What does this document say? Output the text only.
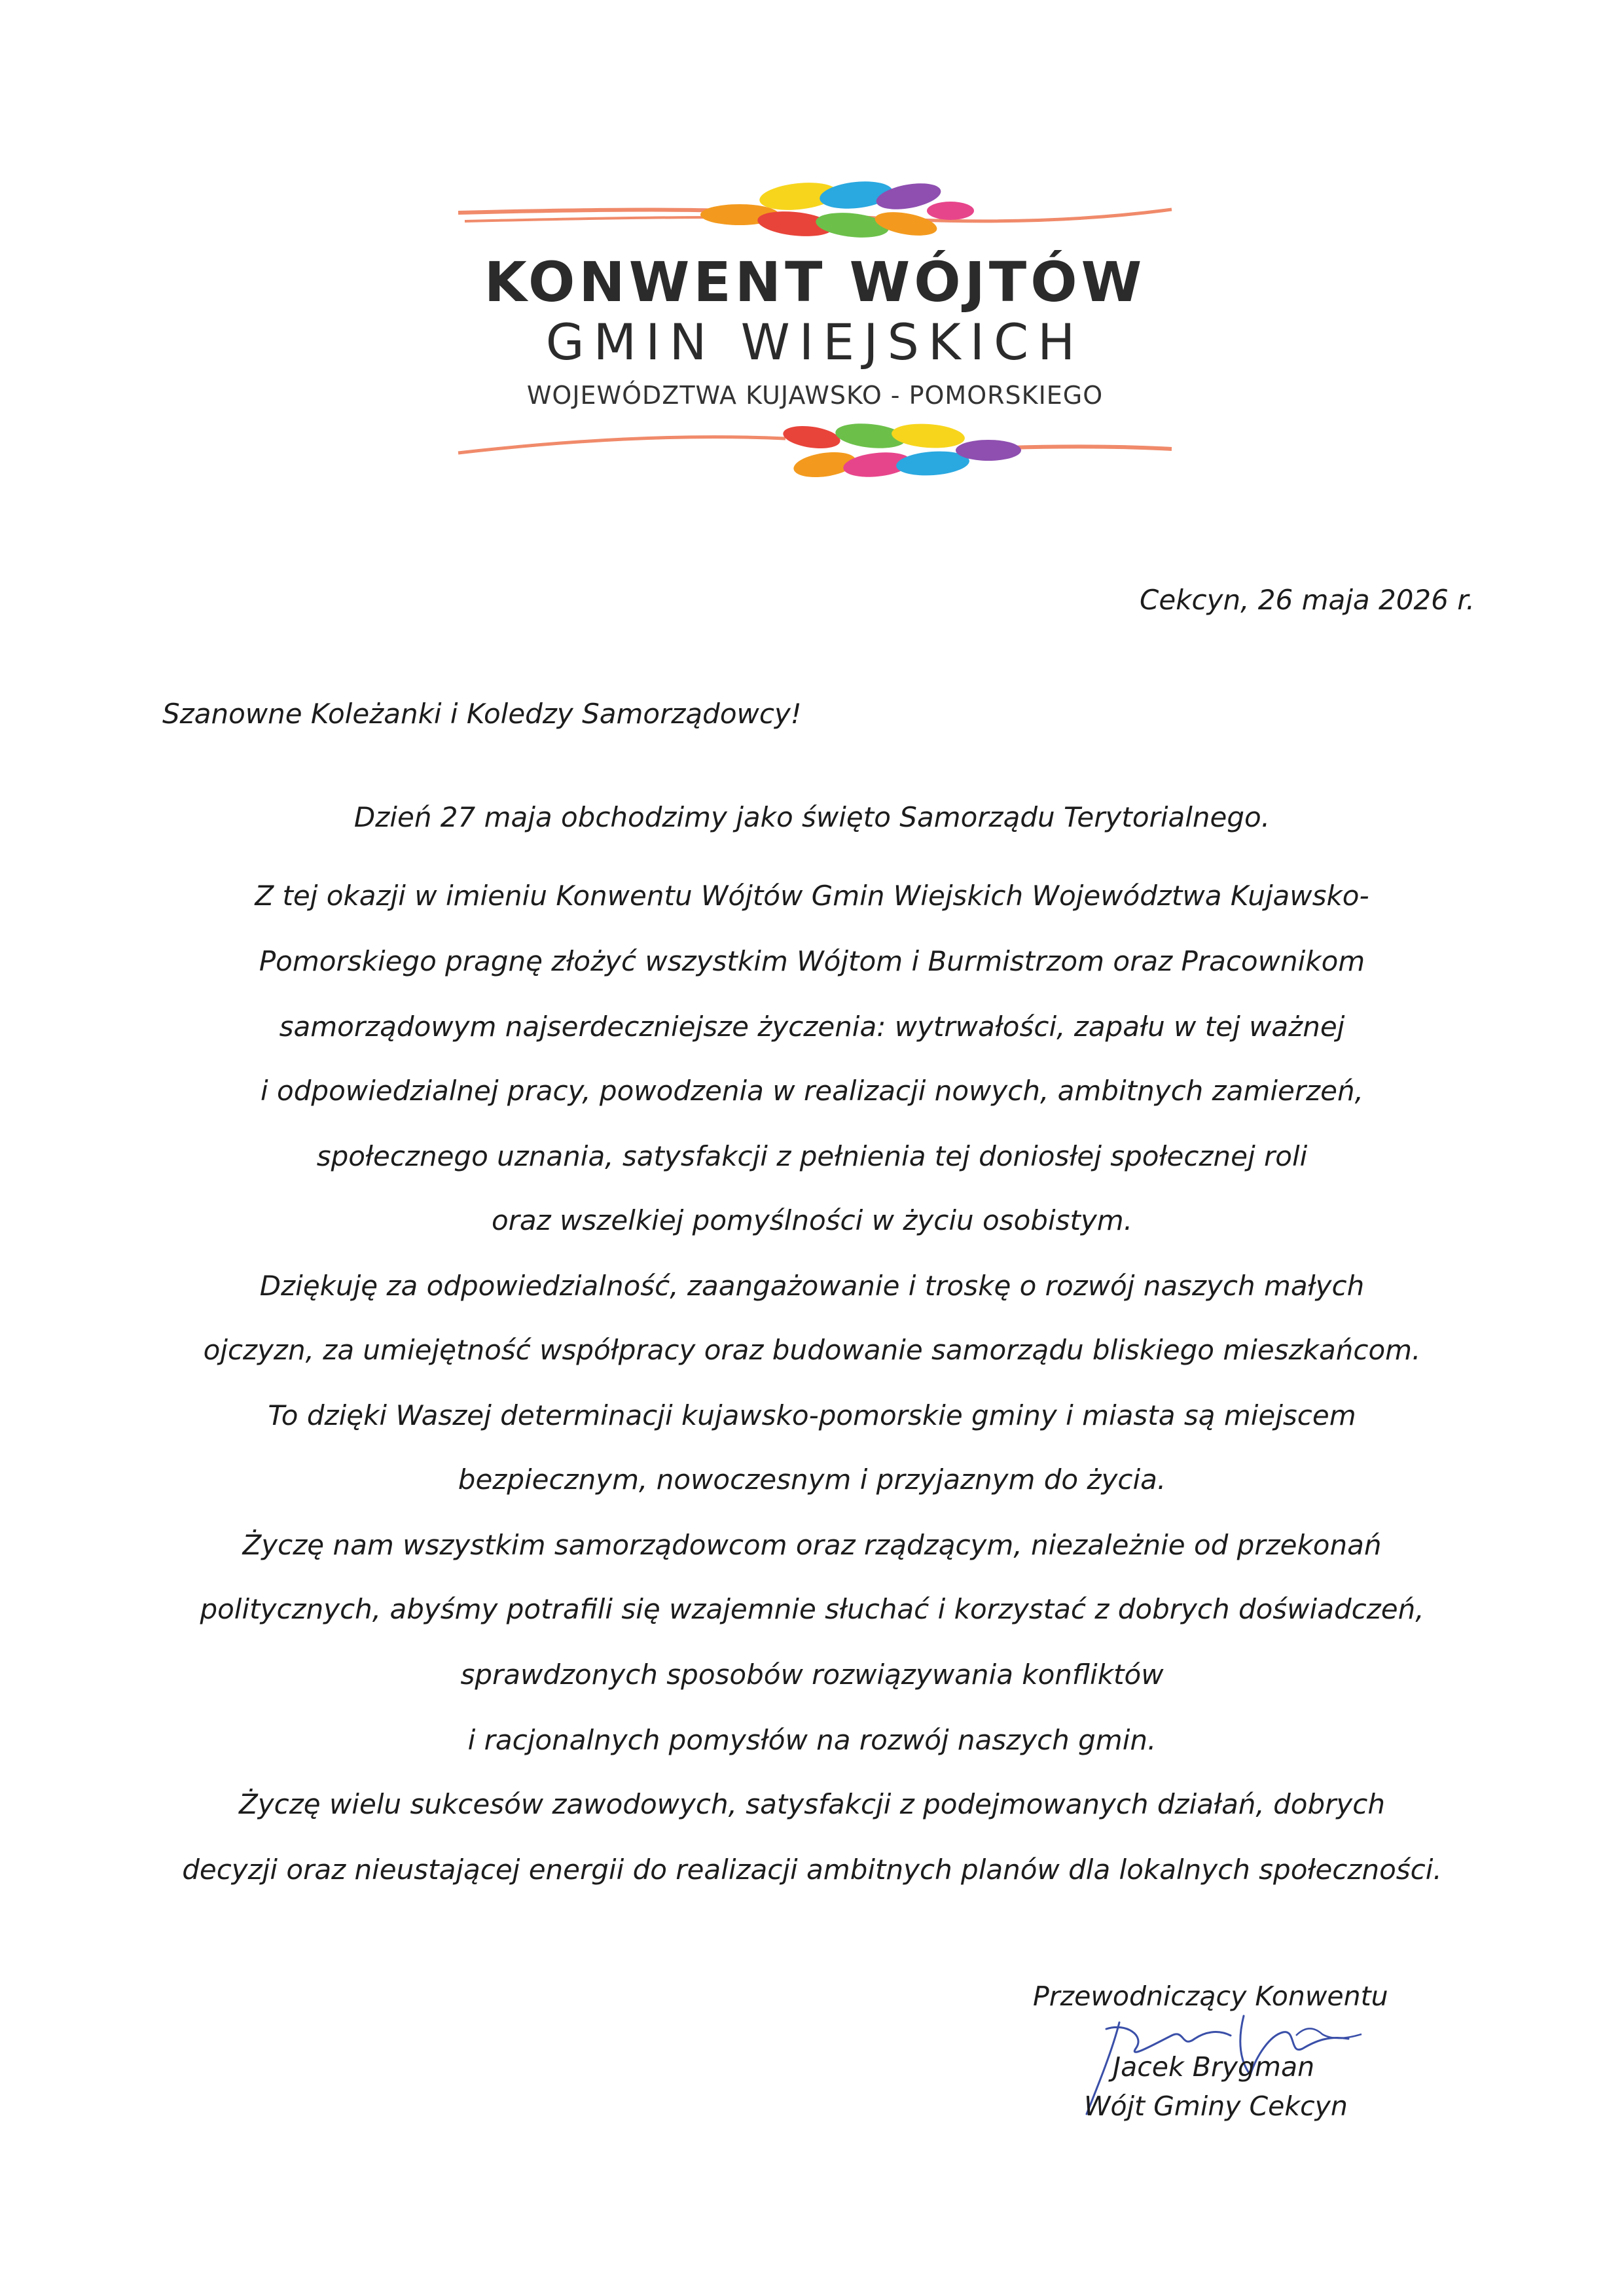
KONWENT WÓJTÓW
GMIN WIEJSKICH
WOJEWÓDZTWA KUJAWSKO - POMORSKIEGO
Cekcyn, 26 maja 2026 r.
Szanowne Koleżanki i Koledzy Samorządowcy!
Dzień 27 maja obchodzimy jako święto Samorządu Terytorialnego.
Z tej okazji w imieniu Konwentu Wójtów Gmin Wiejskich Województwa Kujawsko-
Pomorskiego pragnę złożyć wszystkim Wójtom i Burmistrzom oraz Pracownikom
samorządowym najserdeczniejsze życzenia: wytrwałości, zapału w tej ważnej
i odpowiedzialnej pracy, powodzenia w realizacji nowych, ambitnych zamierzeń,
społecznego uznania, satysfakcji z pełnienia tej doniosłej społecznej roli
oraz wszelkiej pomyślności w życiu osobistym.
Dziękuję za odpowiedzialność, zaangażowanie i troskę o rozwój naszych małych
ojczyzn, za umiejętność współpracy oraz budowanie samorządu bliskiego mieszkańcom.
To dzięki Waszej determinacji kujawsko-pomorskie gminy i miasta są miejscem
bezpiecznym, nowoczesnym i przyjaznym do życia.
Życzę nam wszystkim samorządowcom oraz rządzącym, niezależnie od przekonań
politycznych, abyśmy potrafili się wzajemnie słuchać i korzystać z dobrych doświadczeń,
sprawdzonych sposobów rozwiązywania konfliktów
i racjonalnych pomysłów na rozwój naszych gmin.
Życzę wielu sukcesów zawodowych, satysfakcji z podejmowanych działań, dobrych
decyzji oraz nieustającej energii do realizacji ambitnych planów dla lokalnych społeczności.
Przewodniczący Konwentu
Jacek Brygman
Wójt Gminy Cekcyn
